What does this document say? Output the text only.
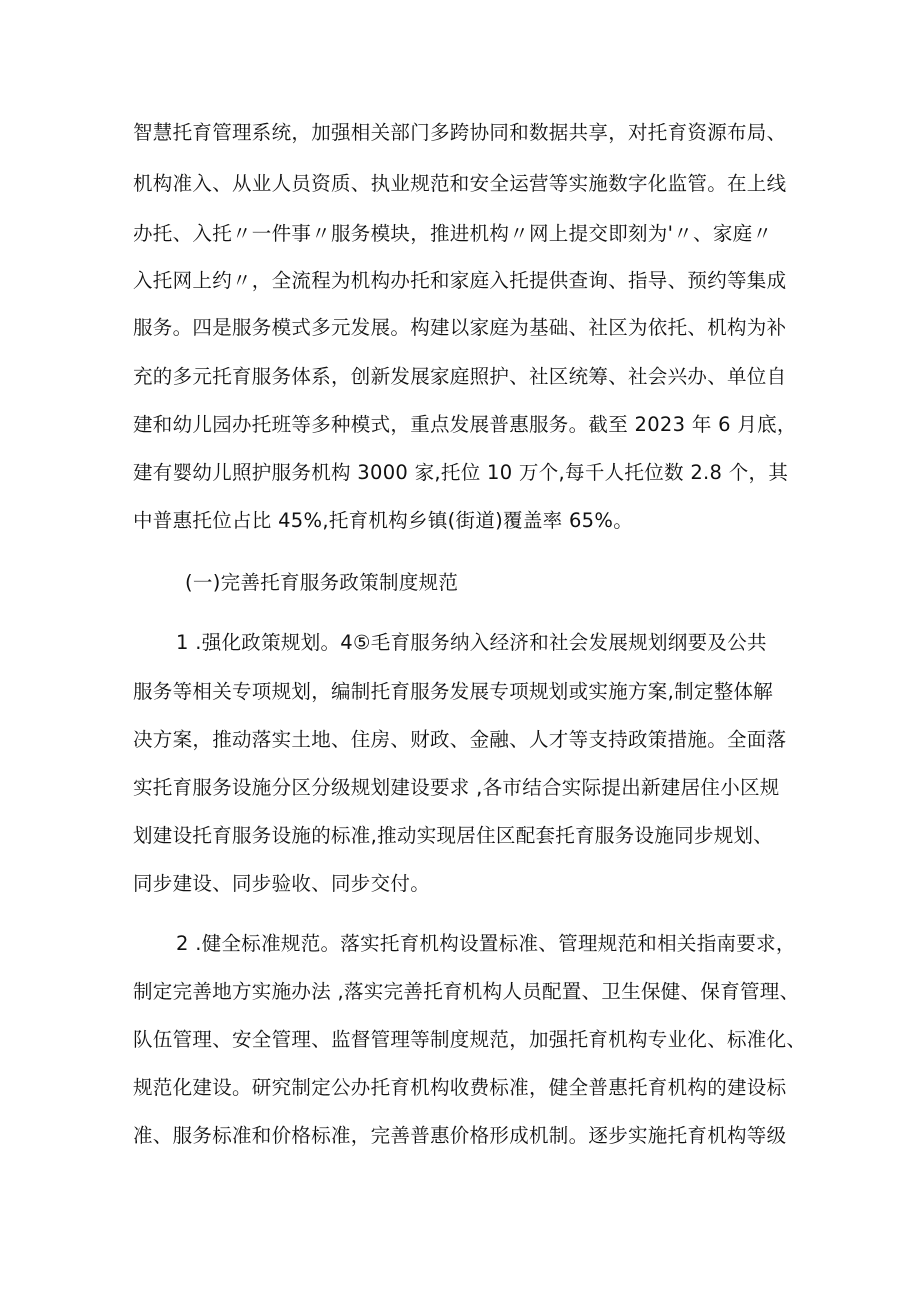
智慧托育管理系统，加强相关部门多跨协同和数据共享，对托育资源布局、
机构准入、从业人员资质、执业规范和安全运营等实施数字化监管。在上线
办托、入托〃一件事〃服务模块，推进机构〃网上提交即刻为'〃、家庭〃
入托网上约〃，全流程为机构办托和家庭入托提供查询、指导、预约等集成
服务。四是服务模式多元发展。构建以家庭为基础、社区为依托、机构为补
充的多元托育服务体系，创新发展家庭照护、社区统筹、社会兴办、单位自
建和幼儿园办托班等多种模式，重点发展普惠服务。截至 2023 年 6 月底，
建有婴幼儿照护服务机构 3000 家,托位 10 万个,每千人托位数 2.8 个，其
中普惠托位占比 45%,托育机构乡镇(街道)覆盖率 65%。
(一)完善托育服务政策制度规范
1 .强化政策规划。4⑤毛育服务纳入经济和社会发展规划纲要及公共
服务等相关专项规划，编制托育服务发展专项规划或实施方案,制定整体解
决方案，推动落实土地、住房、财政、金融、人才等支持政策措施。全面落
实托育服务设施分区分级规划建设要求 ,各市结合实际提出新建居住小区规
划建设托育服务设施的标准,推动实现居住区配套托育服务设施同步规划、
同步建设、同步验收、同步交付。
2 .健全标准规范。落实托育机构设置标准、管理规范和相关指南要求，
制定完善地方实施办法 ,落实完善托育机构人员配置、卫生保健、保育管理、
队伍管理、安全管理、监督管理等制度规范，加强托育机构专业化、标准化、
规范化建设。研究制定公办托育机构收费标准，健全普惠托育机构的建设标
准、服务标准和价格标准，完善普惠价格形成机制。逐步实施托育机构等级
